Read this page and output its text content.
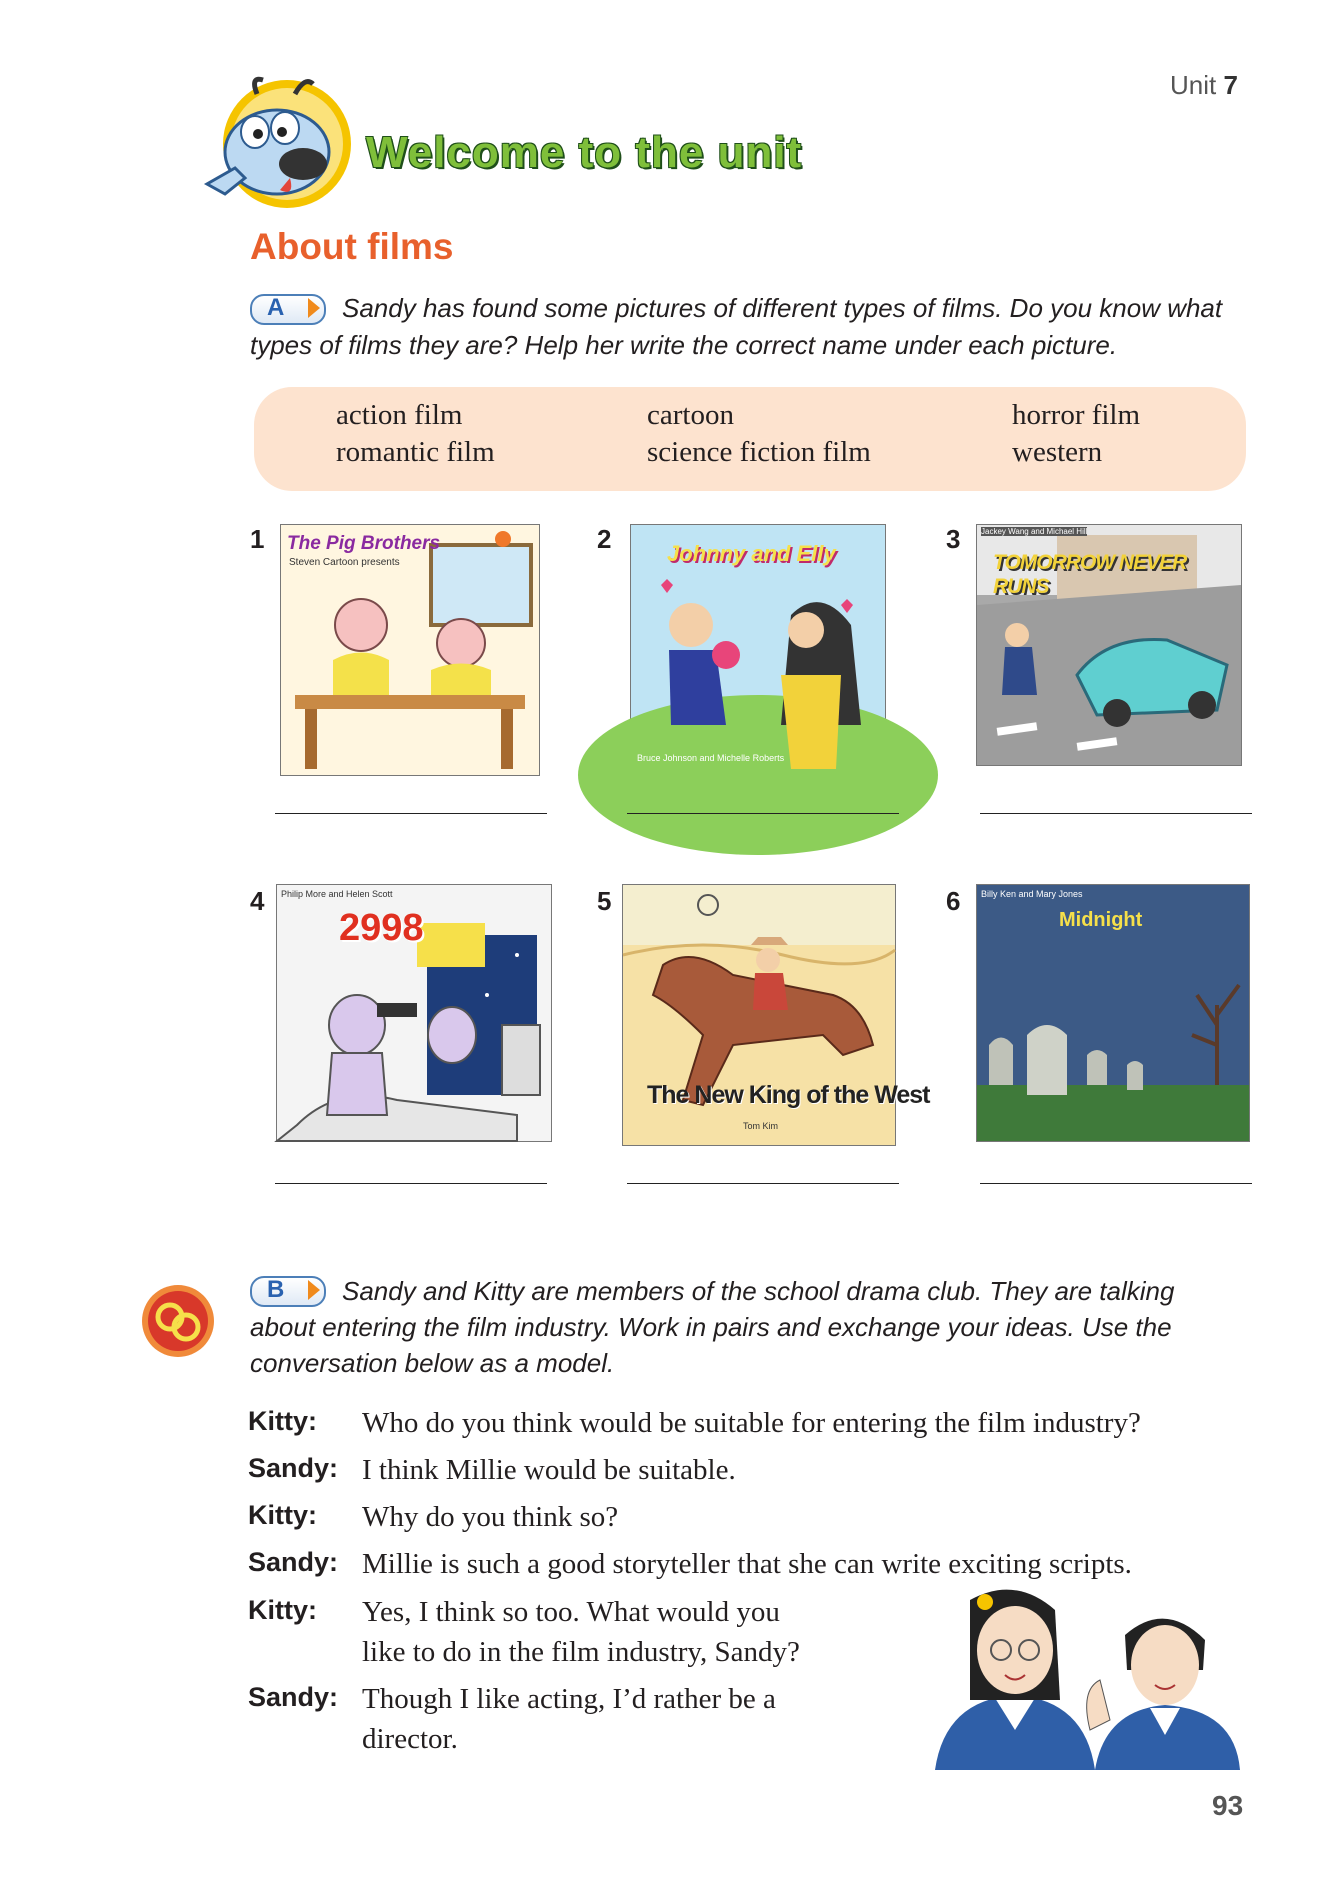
Unit 7
Welcome to the unit
About films
A	Sandy has found some pictures of different types of films. Do you know what types of films they are? Help her write the correct name under each picture.
action film	cartoon	horror film
romantic film	science fiction film	western
1 The Pig Brothers
Steven Cartoon presents
2	Johnny and Elly
Bruce Johnson and Michelle Roberts
3	Jackey Wang and Michael Hill
TOMORROW NEVER RUNS
4 Philip More and Helen Scott
2998
5
The New King of the West
Tom Kim
6 Billy Ken and Mary Jones
Midnight
B	Sandy and Kitty are members of the school drama club. They are talking about entering the film industry. Work in pairs and exchange your ideas. Use the conversation below as a model.
Kitty: Who do you think would be suitable for entering the film industry?
Sandy: I think Millie would be suitable.
Kitty: Why do you think so?
Sandy: Millie is such a good storyteller that she can write exciting scripts.
Kitty: Yes, I think so too. What would you
like to do in the film industry, Sandy?
Sandy: Though I like acting, I’d rather be a
director.
93
